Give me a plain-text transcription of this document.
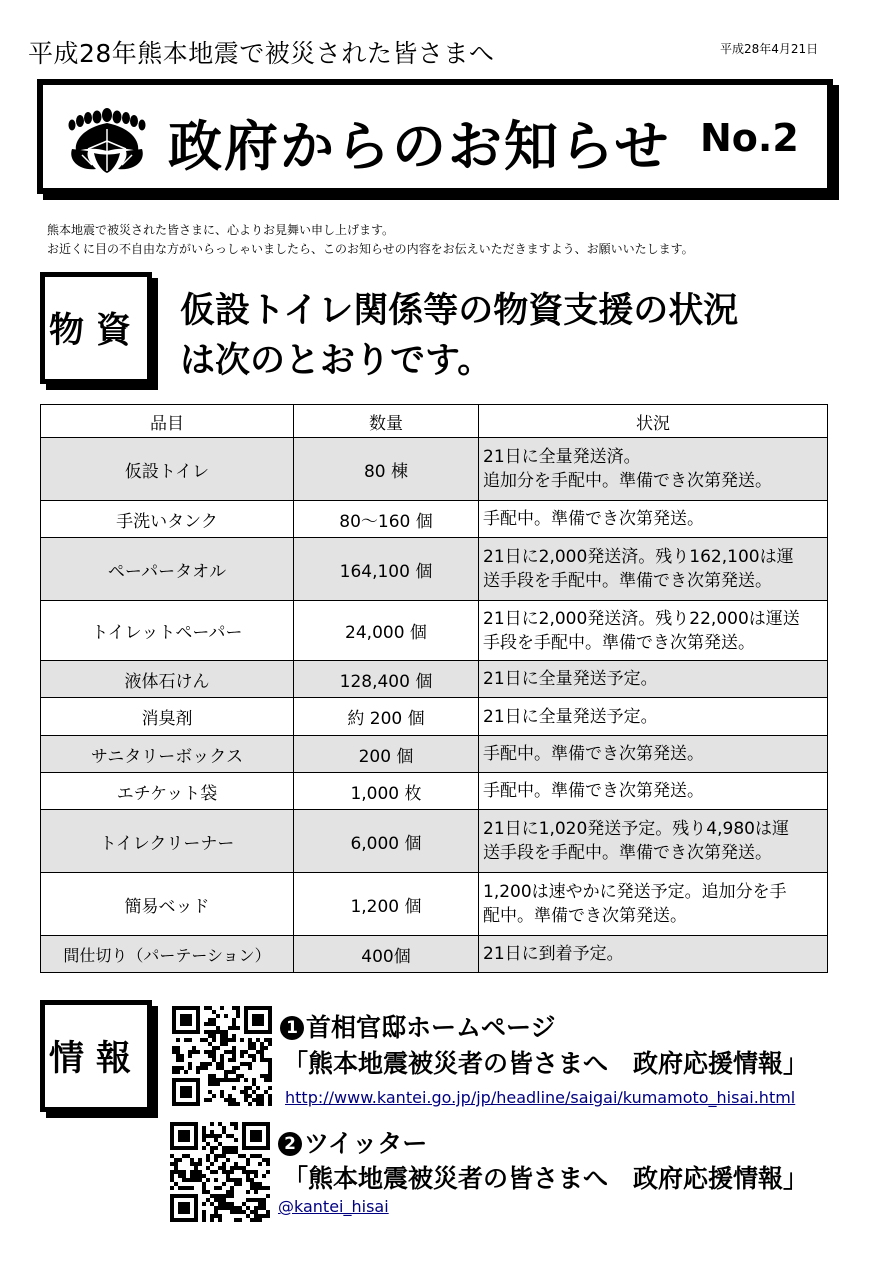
平成28年熊本地震で被災された皆さまへ	平成28年4月21日
政府からのお知らせ No.2
熊本地震で被災された皆さまに、心よりお見舞い申し上げます。
お近くに目の不自由な方がいらっしゃいましたら、このお知らせの内容をお伝えいただきますよう、お願いいたします。
物資 仮設トイレ関係等の物資支援の状況
は次のとおりです。
品目	数量	状況
仮設トイレ	80 棟	21日に全量発送済。
追加分を手配中。準備でき次第発送。

手洗いタンク	80～160 個	手配中。準備でき次第発送。

ペーパータオル	164,100 個	21日に2,000発送済。残り162,100は運
送手段を手配中。準備でき次第発送。

トイレットペーパー	24,000 個	21日に2,000発送済。残り22,000は運送
手段を手配中。準備でき次第発送。

液体石けん	128,400 個	21日に全量発送予定。

消臭剤	約 200 個	21日に全量発送予定。

サニタリーボックス	200 個	手配中。準備でき次第発送。

エチケット袋	1,000 枚	手配中。準備でき次第発送。

トイレクリーナー	6,000 個	21日に1,020発送予定。残り4,980は運
送手段を手配中。準備でき次第発送。

簡易ベッド	1,200 個	1,200は速やかに発送予定。追加分を手
配中。準備でき次第発送。

間仕切り（パーテーション）	400個	21日に到着予定。
情報
1 首相官邸ホームページ
「熊本地震被災者の皆さまへ　政府応援情報」
http://www.kantei.go.jp/jp/headline/saigai/kumamoto_hisai.html
2 ツイッター
「熊本地震被災者の皆さまへ　政府応援情報」
@kantei_hisai
